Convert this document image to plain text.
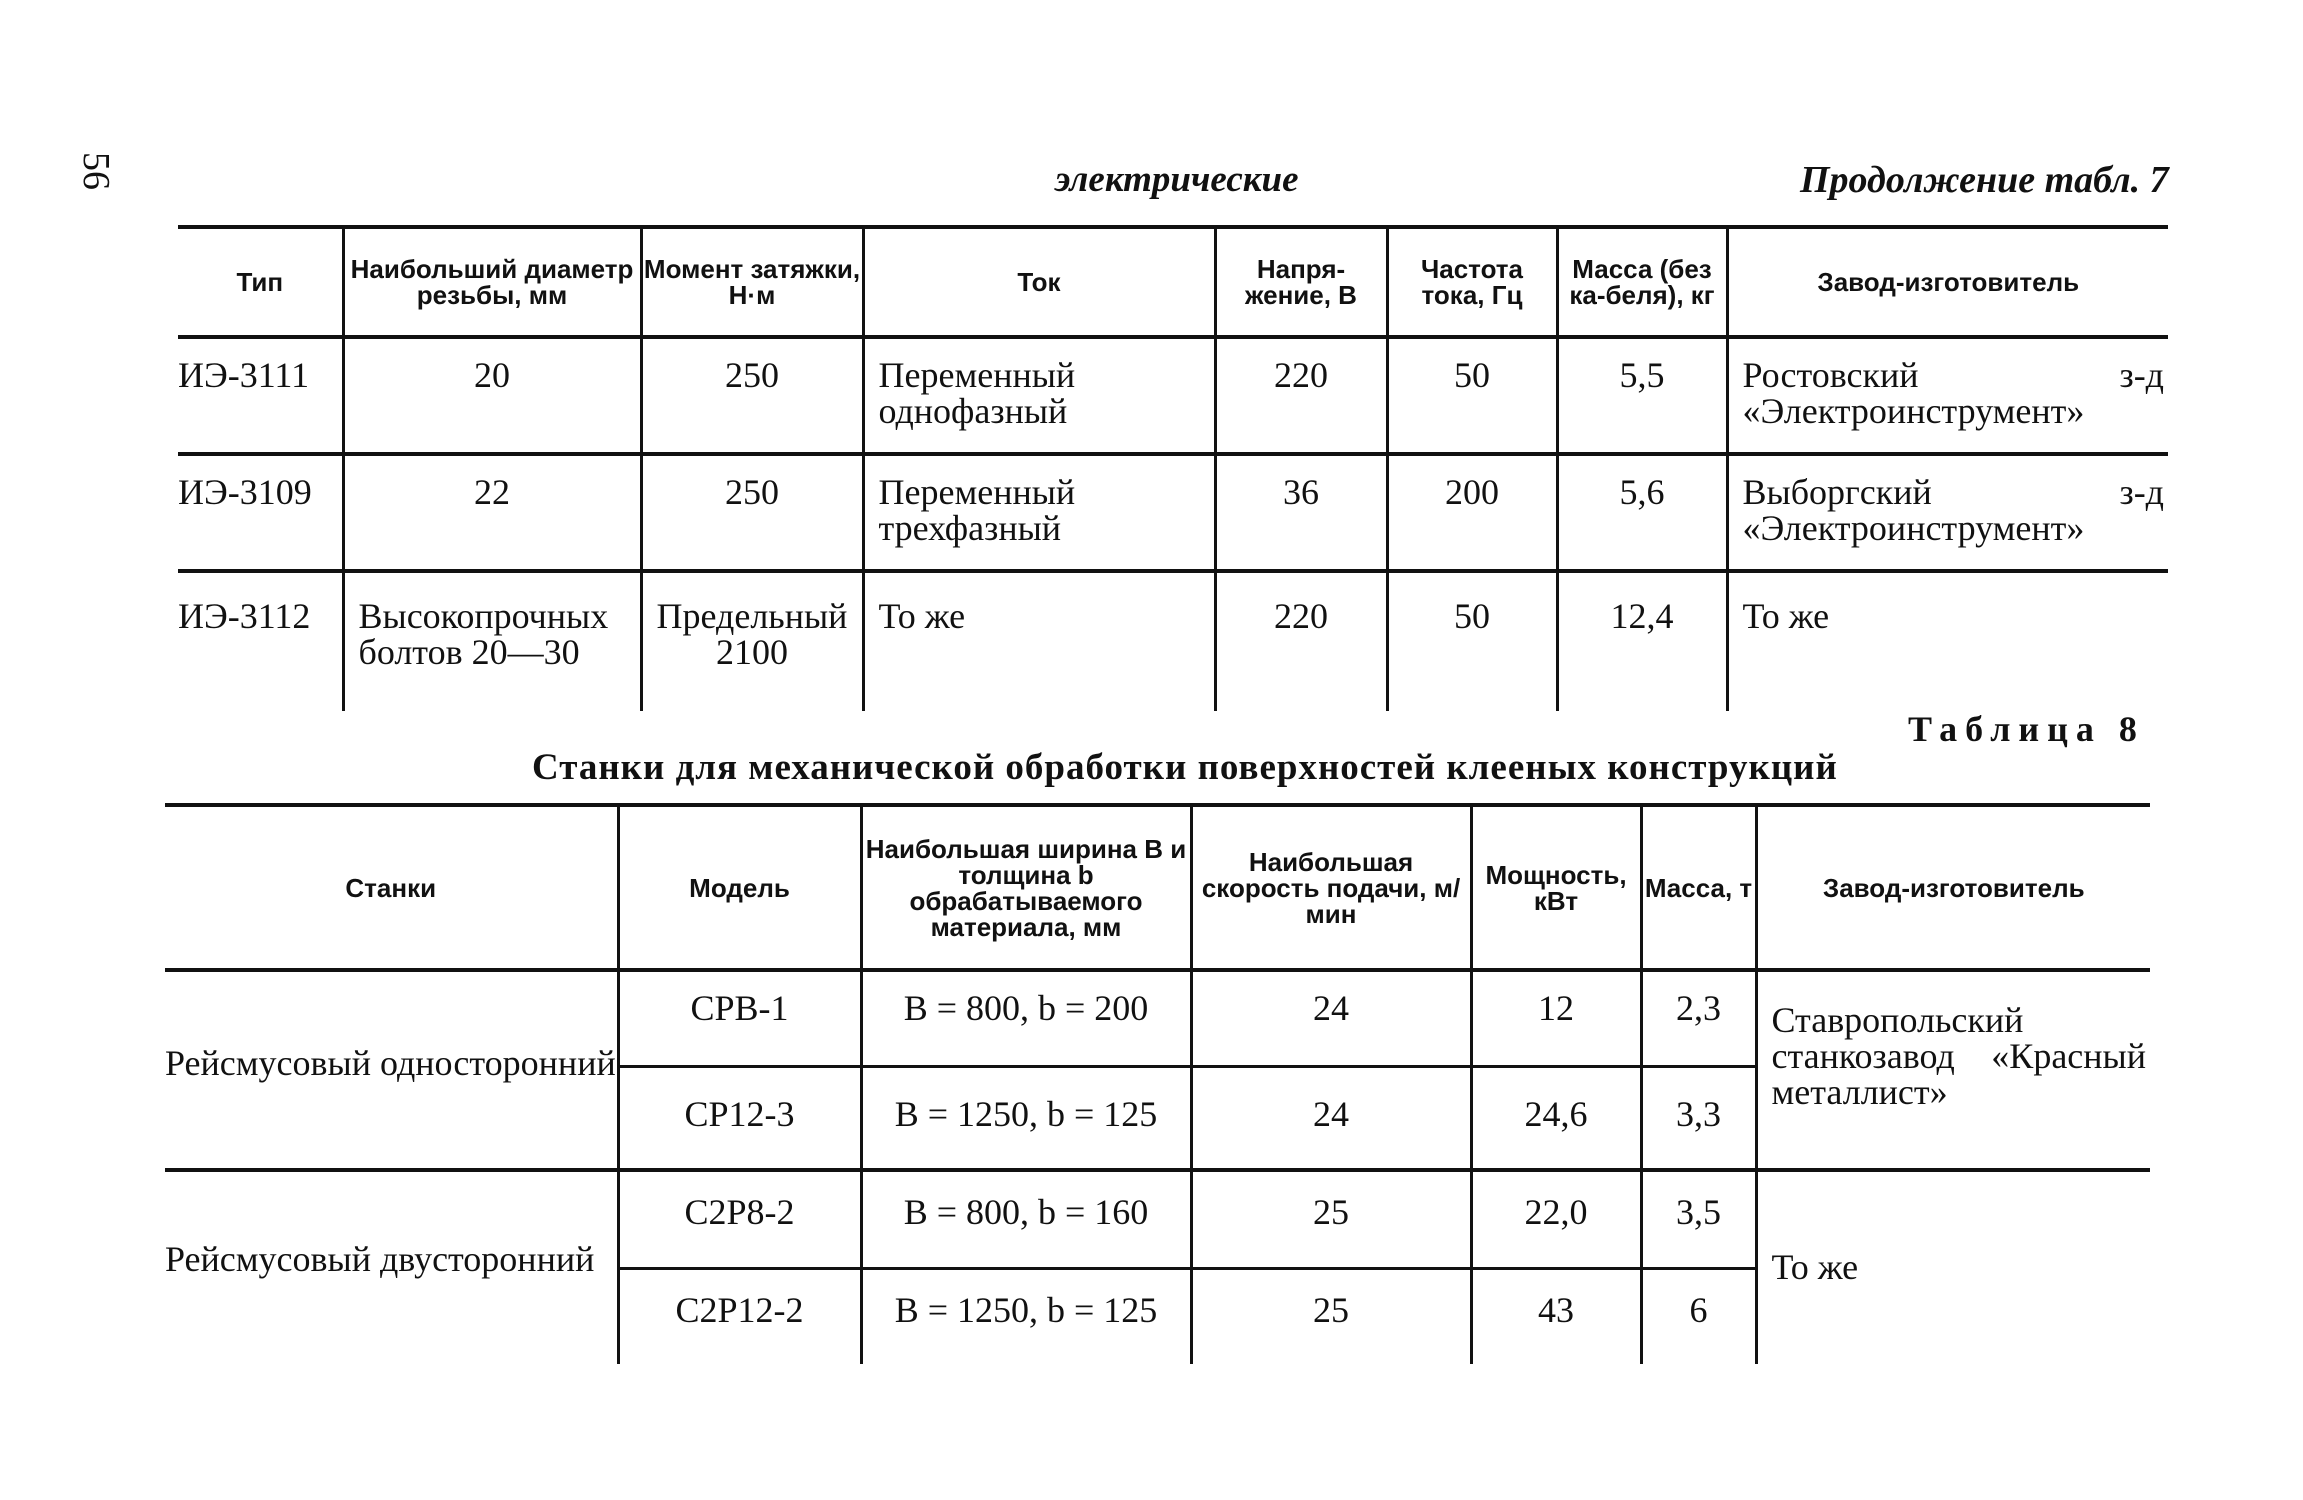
56	электрические	Продолжение табл. 7
Тип	Наибольший диаметр резьбы, мм	Момент затяжки, Н·м	Ток	Напря-жение, В	Частота тока, Гц	Масса (без ка-беля), кг	Завод-изготовитель
ИЭ-3111	20	250	Переменный однофазный	220	50	5,5	Ростовский з-д «Электроинструмент»
ИЭ-3109	22	250	Переменный трехфазный	36	200	5,6	Выборгский з-д «Электроинструмент»
ИЭ-3112	Высокопрочных болтов 20—30	Предельный 2100	То же	220	50	12,4	То же
Таблица 8
Станки для механической обработки поверхностей клееных конструкций
Станки	Модель	Наибольшая ширина B и толщина b обрабатываемого материала, мм	Наибольшая скорость подачи, м/мин	Мощность, кВт	Масса, т	Завод-изготовитель
Рейсмусовый односторонний	СРВ-1	B = 800, b = 200	24	12	2,3	Ставропольский станкозавод «Красный металлист»
	СР12-3	B = 1250, b = 125	24	24,6	3,3	
Рейсмусовый двусторонний	С2Р8-2	B = 800, b = 160	25	22,0	3,5	То же
	С2Р12-2	B = 1250, b = 125	25	43	6	
